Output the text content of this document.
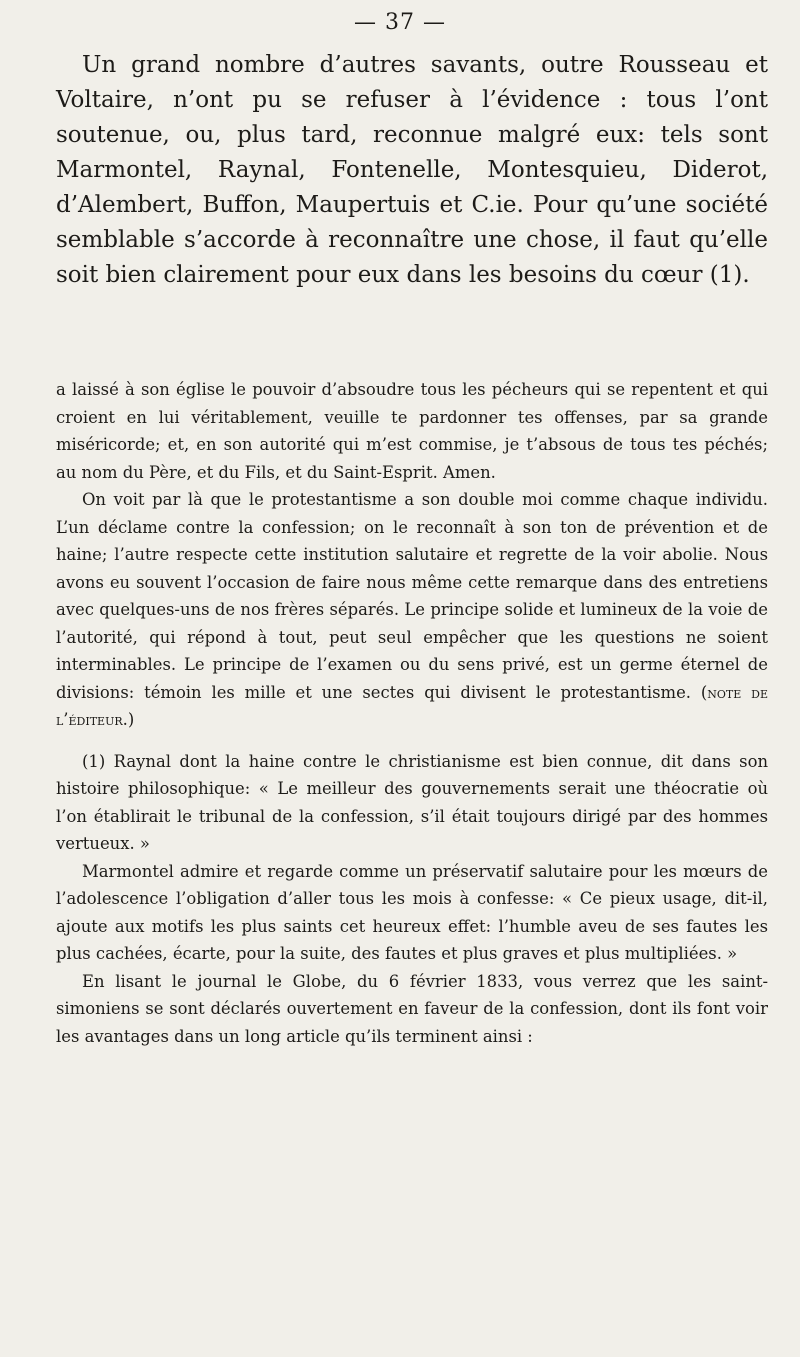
— 37 —

Un grand nombre d’autres savants, outre Rousseau et Voltaire, n’ont pu se refuser à l’évidence : tous l’ont soutenue, ou, plus tard, reconnue malgré eux: tels sont Marmontel, Raynal, Fontenelle, Montesquieu, Diderot, d’Alembert, Buffon, Maupertuis et C.ie. Pour qu’une société semblable s’accorde à reconnaître une chose, il faut qu’elle soit bien clairement pour eux dans les besoins du cœur (1).

a laissé à son église le pouvoir d’absoudre tous les pécheurs qui se repentent et qui croient en lui véritablement, veuille te pardonner tes offenses, par sa grande miséricorde; et, en son autorité qui m’est commise, je t’absous de tous tes péchés; au nom du Père, et du Fils, et du Saint-Esprit. Amen.

On voit par là que le protestantisme a son double moi comme chaque individu. L’un déclame contre la confession; on le reconnaît à son ton de prévention et de haine; l’autre respecte cette institution salutaire et regrette de la voir abolie. Nous avons eu souvent l’occasion de faire nous même cette remarque dans des entretiens avec quelques-uns de nos frères séparés. Le principe solide et lumineux de la voie de l’autorité, qui répond à tout, peut seul empêcher que les questions ne soient interminables. Le principe de l’examen ou du sens privé, est un germe éternel de divisions: témoin les mille et une sectes qui divisent le protestantisme. (note de l’éditeur.)

(1) Raynal dont la haine contre le christianisme est bien connue, dit dans son histoire philosophique: « Le meilleur des gouvernements serait une théocratie où l’on établirait le tribunal de la confession, s’il était toujours dirigé par des hommes vertueux. »

Marmontel admire et regarde comme un préservatif salutaire pour les mœurs de l’adolescence l’obligation d’aller tous les mois à confesse: « Ce pieux usage, dit-il, ajoute aux motifs les plus saints cet heureux effet: l’humble aveu de ses fautes les plus cachées, écarte, pour la suite, des fautes et plus graves et plus multipliées. »

En lisant le journal le Globe, du 6 février 1833, vous verrez que les saint-simoniens se sont déclarés ouvertement en faveur de la confession, dont ils font voir les avantages dans un long article qu’ils terminent ainsi :
